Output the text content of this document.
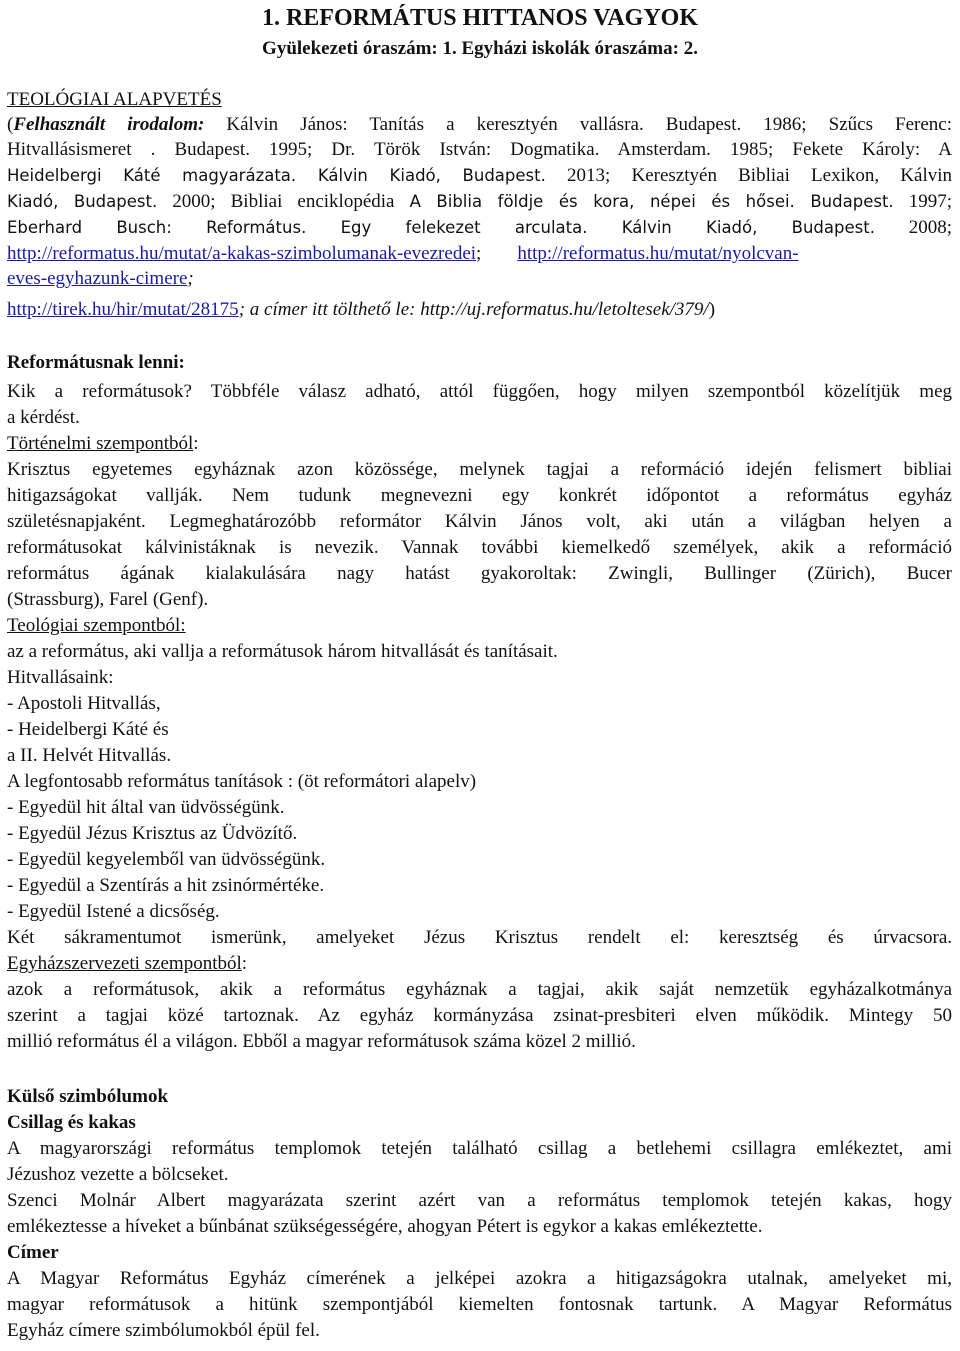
1. REFORMÁTUS HITTANOS VAGYOK
Gyülekezeti óraszám: 1. Egyházi iskolák óraszáma: 2.
TEOLÓGIAI ALAPVETÉS
(Felhasznált irodalom: Kálvin János: Tanítás a keresztyén vallásra. Budapest. 1986; Szűcs Ferenc:
Hitvallásismeret . Budapest. 1995; Dr. Török István: Dogmatika. Amsterdam. 1985; Fekete Károly: A
Heidelbergi Káté magyarázata. Kálvin Kiadó, Budapest. 2013; Keresztyén Bibliai Lexikon, Kálvin
Kiadó, Budapest. 2000; Bibliai enciklopédia A Biblia földje és kora, népei és hősei. Budapest. 1997;
Eberhard Busch: Református. Egy felekezet arculata. Kálvin Kiadó, Budapest. 2008;
http://reformatus.hu/mutat/a-kakas-szimbolumanak-evezredei; http://reformatus.hu/mutat/nyolcvan-
eves-egyhazunk-cimere;
http://tirek.hu/hir/mutat/28175; a címer itt tölthető le: http://uj.reformatus.hu/letoltesek/379/)
Reformátusnak lenni:
Kik a reformátusok? Többféle válasz adható, attól függően, hogy milyen szempontból közelítjük meg
a kérdést.
Történelmi szempontból:
Krisztus egyetemes egyháznak azon közössége, melynek tagjai a reformáció idején felismert bibliai
hitigazságokat vallják. Nem tudunk megnevezni egy konkrét időpontot a református egyház
születésnapjaként. Legmeghatározóbb reformátor Kálvin János volt, aki után a világban helyen a
reformátusokat kálvinistáknak is nevezik. Vannak további kiemelkedő személyek, akik a reformáció
református ágának kialakulására nagy hatást gyakoroltak: Zwingli, Bullinger (Zürich), Bucer
(Strassburg), Farel (Genf).
Teológiai szempontból:
az a református, aki vallja a reformátusok három hitvallását és tanításait.
Hitvallásaink:
- Apostoli Hitvallás,
- Heidelbergi Káté és
a II. Helvét Hitvallás.
A legfontosabb református tanítások : (öt reformátori alapelv)
- Egyedül hit által van üdvösségünk.
- Egyedül Jézus Krisztus az Üdvözítő.
- Egyedül kegyelemből van üdvösségünk.
- Egyedül a Szentírás a hit zsinórmértéke.
- Egyedül Istené a dicsőség.
Két sákramentumot ismerünk, amelyeket Jézus Krisztus rendelt el: keresztség és úrvacsora.
Egyházszervezeti szempontból:
azok a reformátusok, akik a református egyháznak a tagjai, akik saját nemzetük egyházalkotmánya
szerint a tagjai közé tartoznak. Az egyház kormányzása zsinat-presbiteri elven működik. Mintegy 50
millió református él a világon. Ebből a magyar reformátusok száma közel 2 millió.
Külső szimbólumok
Csillag és kakas
A magyarországi református templomok tetején található csillag a betlehemi csillagra emlékeztet, ami
Jézushoz vezette a bölcseket.
Szenci Molnár Albert magyarázata szerint azért van a református templomok tetején kakas, hogy
emlékeztesse a híveket a bűnbánat szükségességére, ahogyan Pétert is egykor a kakas emlékeztette.
Címer
A Magyar Református Egyház címerének a jelképei azokra a hitigazságokra utalnak, amelyeket mi,
magyar reformátusok a hitünk szempontjából kiemelten fontosnak tartunk. A Magyar Református
Egyház címere szimbólumokból épül fel.
